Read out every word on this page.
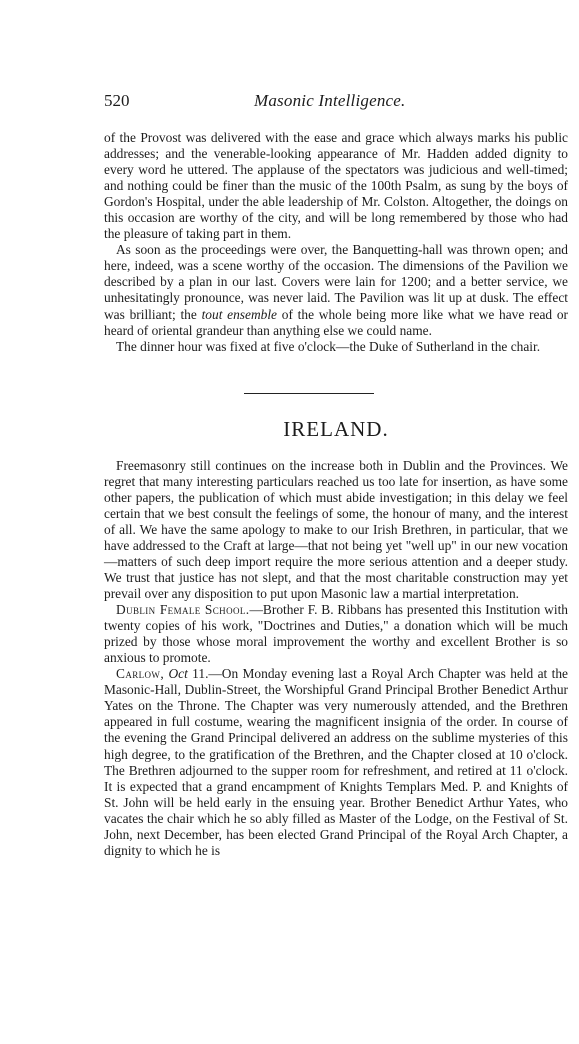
520	Masonic Intelligence.

of the Provost was delivered with the ease and grace which always marks his public addresses; and the venerable-looking appearance of Mr. Hadden added dignity to every word he uttered. The applause of the spectators was judicious and well-timed; and nothing could be finer than the music of the 100th Psalm, as sung by the boys of Gordon's Hospital, under the able leadership of Mr. Colston. Altogether, the doings on this occasion are worthy of the city, and will be long remembered by those who had the pleasure of taking part in them.

As soon as the proceedings were over, the Banquetting-hall was thrown open; and here, indeed, was a scene worthy of the occasion. The dimensions of the Pavilion we described by a plan in our last. Covers were lain for 1200; and a better service, we unhesitatingly pronounce, was never laid. The Pavilion was lit up at dusk. The effect was brilliant; the tout ensemble of the whole being more like what we have read or heard of oriental grandeur than anything else we could name.

The dinner hour was fixed at five o'clock—the Duke of Sutherland in the chair.

IRELAND.

Freemasonry still continues on the increase both in Dublin and the Provinces. We regret that many interesting particulars reached us too late for insertion, as have some other papers, the publication of which must abide investigation; in this delay we feel certain that we best consult the feelings of some, the honour of many, and the interest of all. We have the same apology to make to our Irish Brethren, in particular, that we have addressed to the Craft at large—that not being yet "well up" in our new vocation—matters of such deep import require the more serious attention and a deeper study. We trust that justice has not slept, and that the most charitable construction may yet prevail over any disposition to put upon Masonic law a martial interpretation.

Dublin Female School.—Brother F. B. Ribbans has presented this Institution with twenty copies of his work, "Doctrines and Duties," a donation which will be much prized by those whose moral improvement the worthy and excellent Brother is so anxious to promote.

Carlow, Oct 11.—On Monday evening last a Royal Arch Chapter was held at the Masonic-Hall, Dublin-Street, the Worshipful Grand Principal Brother Benedict Arthur Yates on the Throne. The Chapter was very numerously attended, and the Brethren appeared in full costume, wearing the magnificent insignia of the order. In course of the evening the Grand Principal delivered an address on the sublime mysteries of this high degree, to the gratification of the Brethren, and the Chapter closed at 10 o'clock. The Brethren adjourned to the supper room for refreshment, and retired at 11 o'clock. It is expected that a grand encampment of Knights Templars Med. P. and Knights of St. John will be held early in the ensuing year. Brother Benedict Arthur Yates, who vacates the chair which he so ably filled as Master of the Lodge, on the Festival of St. John, next December, has been elected Grand Principal of the Royal Arch Chapter, a dignity to which he is
